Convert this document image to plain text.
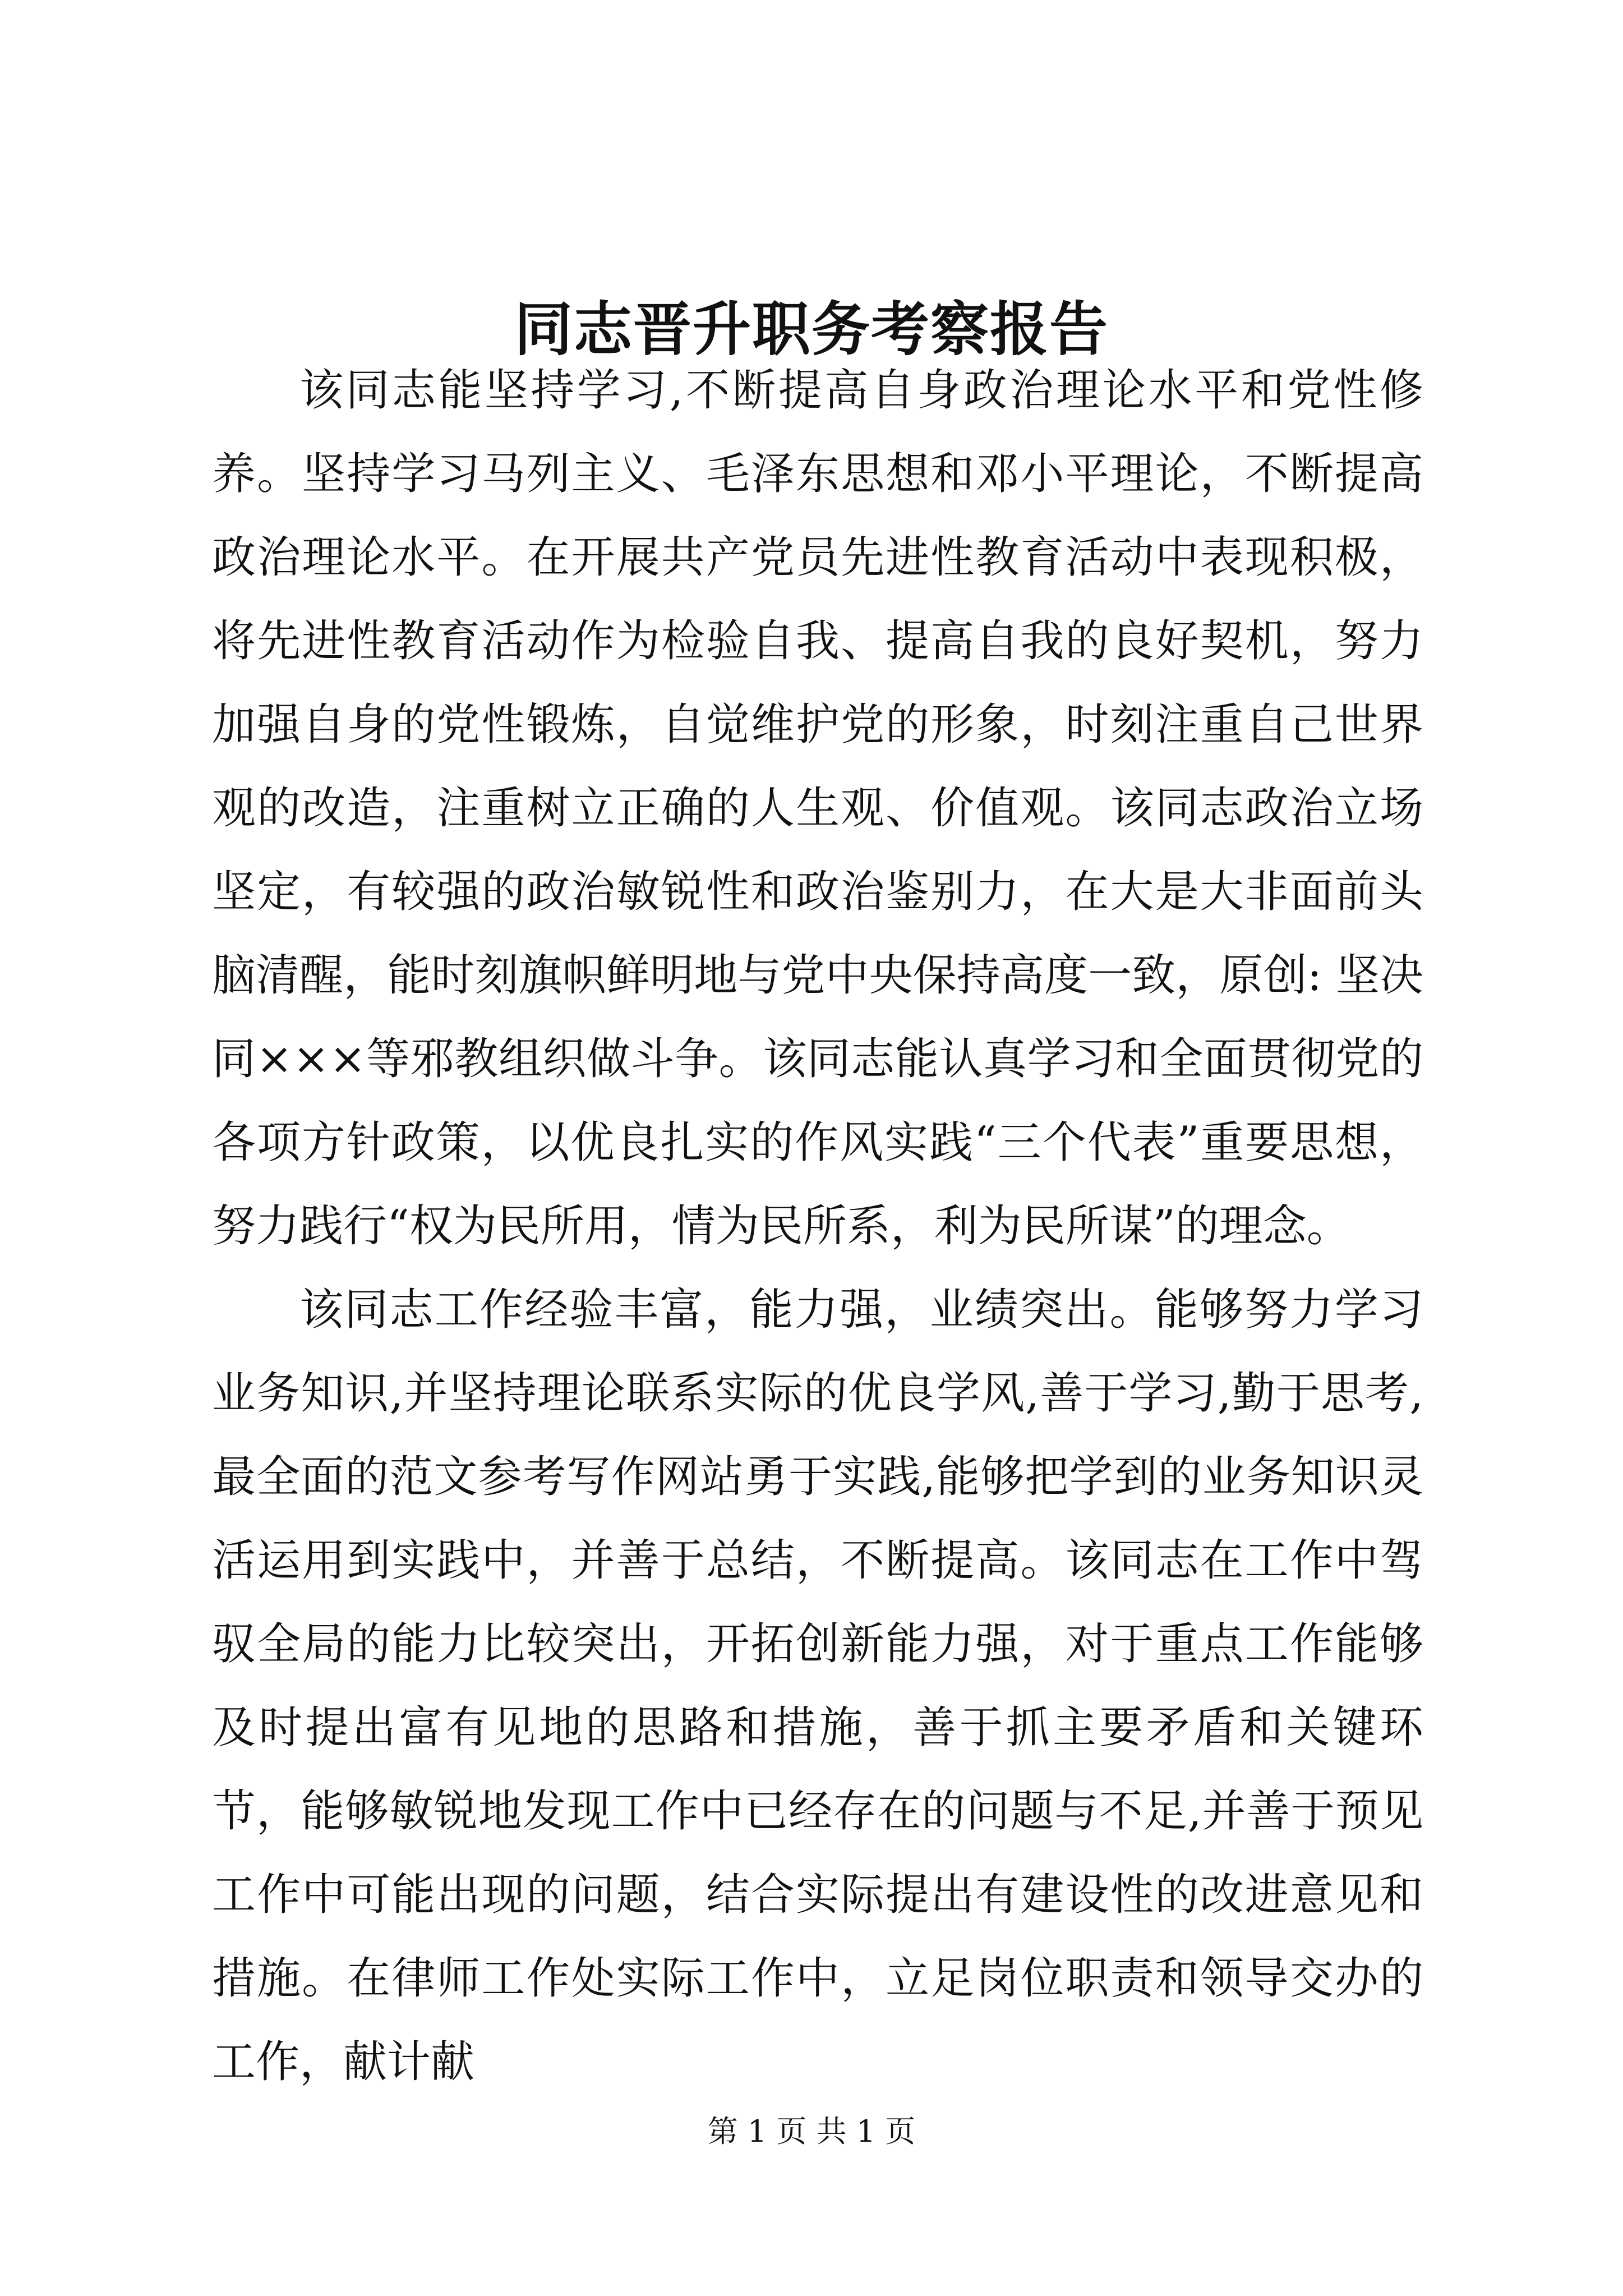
同志晋升职务考察报告

该同志能坚持学习,不断提高自身政治理论水平和党性修养。坚持学习马列主义、毛泽东思想和邓小平理论，不断提高政治理论水平。在开展共产党员先进性教育活动中表现积极，将先进性教育活动作为检验自我、提高自我的良好契机，努力加强自身的党性锻炼，自觉维护党的形象，时刻注重自己世界观的改造，注重树立正确的人生观、价值观。该同志政治立场坚定，有较强的政治敏锐性和政治鉴别力，在大是大非面前头脑清醒，能时刻旗帜鲜明地与党中央保持高度一致，原创: 坚决同×××等邪教组织做斗争。该同志能认真学习和全面贯彻党的各项方针政策，以优良扎实的作风实践“三个代表”重要思想，努力践行“权为民所用，情为民所系，利为民所谋”的理念。

该同志工作经验丰富，能力强，业绩突出。能够努力学习业务知识,并坚持理论联系实际的优良学风,善于学习,勤于思考,最全面的范文参考写作网站勇于实践,能够把学到的业务知识灵活运用到实践中，并善于总结，不断提高。该同志在工作中驾驭全局的能力比较突出，开拓创新能力强，对于重点工作能够及时提出富有见地的思路和措施，善于抓主要矛盾和关键环节，能够敏锐地发现工作中已经存在的问题与不足,并善于预见工作中可能出现的问题，结合实际提出有建设性的改进意见和措施。在律师工作处实际工作中，立足岗位职责和领导交办的工作，献计献

第 1 页 共 1 页
